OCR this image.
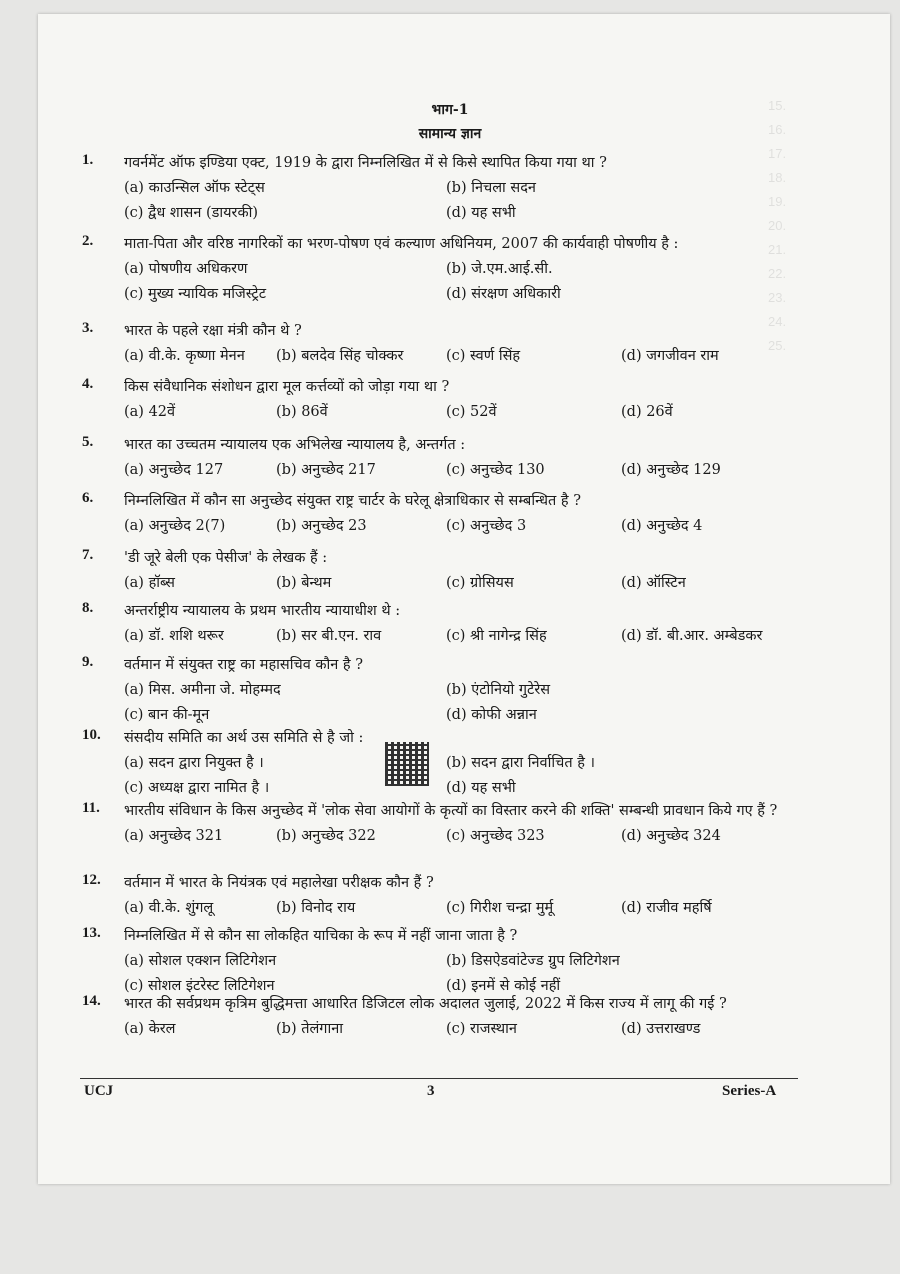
15.
16.
17.
18.
19.
20.
21.
22.
23.
24.
25.
भाग-1
सामान्य ज्ञान
1.	गवर्नमेंट ऑफ इण्डिया एक्ट, 1919 के द्वारा निम्नलिखित में से किसे स्थापित किया गया था ?
(a) काउन्सिल ऑफ स्टेट्स	(b) निचला सदन
(c) द्वैध शासन (डायरकी)	(d) यह सभी
2.	माता-पिता और वरिष्ठ नागरिकों का भरण-पोषण एवं कल्याण अधिनियम, 2007 की कार्यवाही पोषणीय है :
(a) पोषणीय अधिकरण	(b) जे.एम.आई.सी.
(c) मुख्य न्यायिक मजिस्ट्रेट	(d) संरक्षण अधिकारी
3.	भारत के पहले रक्षा मंत्री कौन थे ?
(a) वी.के. कृष्णा मेनन (b) बलदेव सिंह चोक्कर	(c) स्वर्ण सिंह	(d) जगजीवन राम
4.	किस संवैधानिक संशोधन द्वारा मूल कर्त्तव्यों को जोड़ा गया था ?
(a) 42वें	(b) 86वें	(c) 52वें	(d) 26वें
5.	भारत का उच्चतम न्यायालय एक अभिलेख न्यायालय है, अन्तर्गत :
(a) अनुच्छेद 127	(b) अनुच्छेद 217	(c) अनुच्छेद 130	(d) अनुच्छेद 129
6.	निम्नलिखित में कौन सा अनुच्छेद संयुक्त राष्ट्र चार्टर के घरेलू क्षेत्राधिकार से सम्बन्धित है ?
(a) अनुच्छेद 2(7)	(b) अनुच्छेद 23	(c) अनुच्छेद 3	(d) अनुच्छेद 4
7.	'डी जूरे बेली एक पेसीज' के लेखक हैं :
(a) हॉब्स	(b) बेन्थम	(c) ग्रोसियस	(d) ऑस्टिन
8.	अन्तर्राष्ट्रीय न्यायालय के प्रथम भारतीय न्यायाधीश थे :
(a) डॉ. शशि थरूर	(b) सर बी.एन. राव	(c) श्री नागेन्द्र सिंह	(d) डॉ. बी.आर. अम्बेडकर
9.	वर्तमान में संयुक्त राष्ट्र का महासचिव कौन है ?
(a) मिस. अमीना जे. मोहम्मद	(b) एंटोनियो गुटेरेस
(c) बान की-मून	(d) कोफी अन्नान
10.	संसदीय समिति का अर्थ उस समिति से है जो :
(a) सदन द्वारा नियुक्त है ।	(b) सदन द्वारा निर्वाचित है ।
(c) अध्यक्ष द्वारा नामित है ।	(d) यह सभी
11.	भारतीय संविधान के किस अनुच्छेद में 'लोक सेवा आयोगों के कृत्यों का विस्तार करने की शक्ति' सम्बन्धी प्रावधान किये गए हैं ?
(a) अनुच्छेद 321	(b) अनुच्छेद 322	(c) अनुच्छेद 323	(d) अनुच्छेद 324
12.	वर्तमान में भारत के नियंत्रक एवं महालेखा परीक्षक कौन हैं ?
(a) वी.के. शुंगलू	(b) विनोद राय	(c) गिरीश चन्द्रा मुर्मू	(d) राजीव महर्षि
13.	निम्नलिखित में से कौन सा लोकहित याचिका के रूप में नहीं जाना जाता है ?
(a) सोशल एक्शन लिटिगेशन	(b) डिसऐडवांटेज्ड ग्रुप लिटिगेशन
(c) सोशल इंटरेस्ट लिटिगेशन	(d) इनमें से कोई नहीं
14.	भारत की सर्वप्रथम कृत्रिम बुद्धिमत्ता आधारित डिजिटल लोक अदालत जुलाई, 2022 में किस राज्य में लागू की गई ?
(a) केरल	(b) तेलंगाना	(c) राजस्थान	(d) उत्तराखण्ड
UCJ	3	Series-A
